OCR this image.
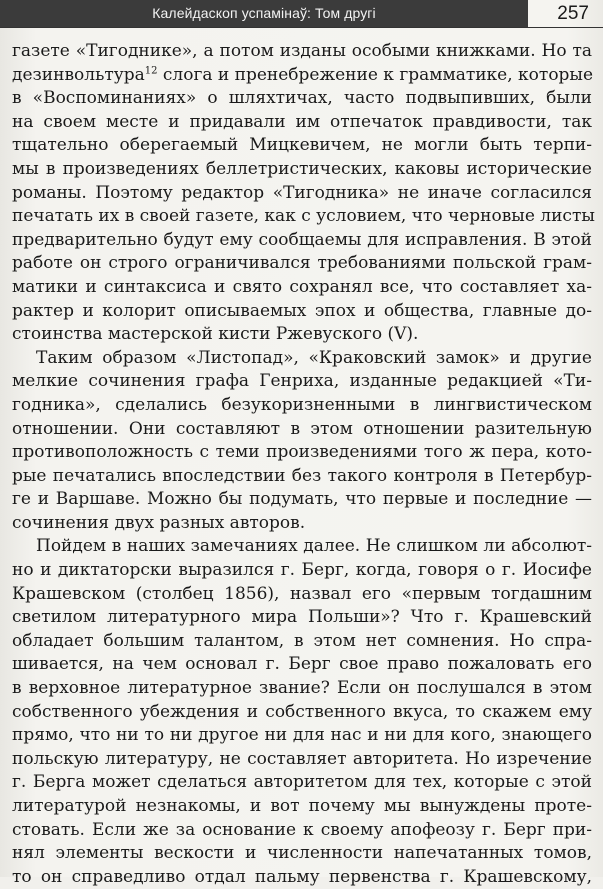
Калейдаскоп успамінаў: Том другі	257
газете «Тигоднике», а потом изданы особыми книжками. Но та
дезинвольтура$^{12}$ слога и пренебрежение к грамматике, которые
в «Воспоминаниях» о шляхтичах, часто подвыпивших, были
на своем месте и придавали им отпечаток правдивости, так
тщательно оберегаемый Мицкевичем, не могли быть терпи-
мы в произведениях беллетристических, каковы исторические
романы. Поэтому редактор «Тигодника» не иначе согласился
печатать их в своей газете, как с условием, что черновые листы
предварительно будут ему сообщаемы для исправления. В этой
работе он строго ограничивался требованиями польской грам-
матики и синтаксиса и свято сохранял все, что составляет ха-
рактер и колорит описываемых эпох и общества, главные до-
стоинства мастерской кисти Ржевуского (V).
Таким образом «Листопад», «Краковский замок» и другие
мелкие сочинения графа Генриха, изданные редакцией «Ти-
годника», сделались безукоризненными в лингвистическом
отношении. Они составляют в этом отношении разительную
противоположность с теми произведениями того ж пера, кото-
рые печатались впоследствии без такого контроля в Петербур-
ге и Варшаве. Можно бы подумать, что первые и последние —
сочинения двух разных авторов.
Пойдем в наших замечаниях далее. Не слишком ли абсолют-
но и диктаторски выразился г. Берг, когда, говоря о г. Иосифе
Крашевском (столбец 1856), назвал его «первым тогдашним
светилом литературного мира Польши»? Что г. Крашевский
обладает большим талантом, в этом нет сомнения. Но спра-
шивается, на чем основал г. Берг свое право пожаловать его
в верховное литературное звание? Если он послушался в этом
собственного убеждения и собственного вкуса, то скажем ему
прямо, что ни то ни другое ни для нас и ни для кого, знающего
польскую литературу, не составляет авторитета. Но изречение
г. Берга может сделаться авторитетом для тех, которые с этой
литературой незнакомы, и вот почему мы вынуждены проте-
стовать. Если же за основание к своему апофеозу г. Берг при-
нял элементы вескости и численности напечатанных томов,
то он справедливо отдал пальму первенства г. Крашевскому,
